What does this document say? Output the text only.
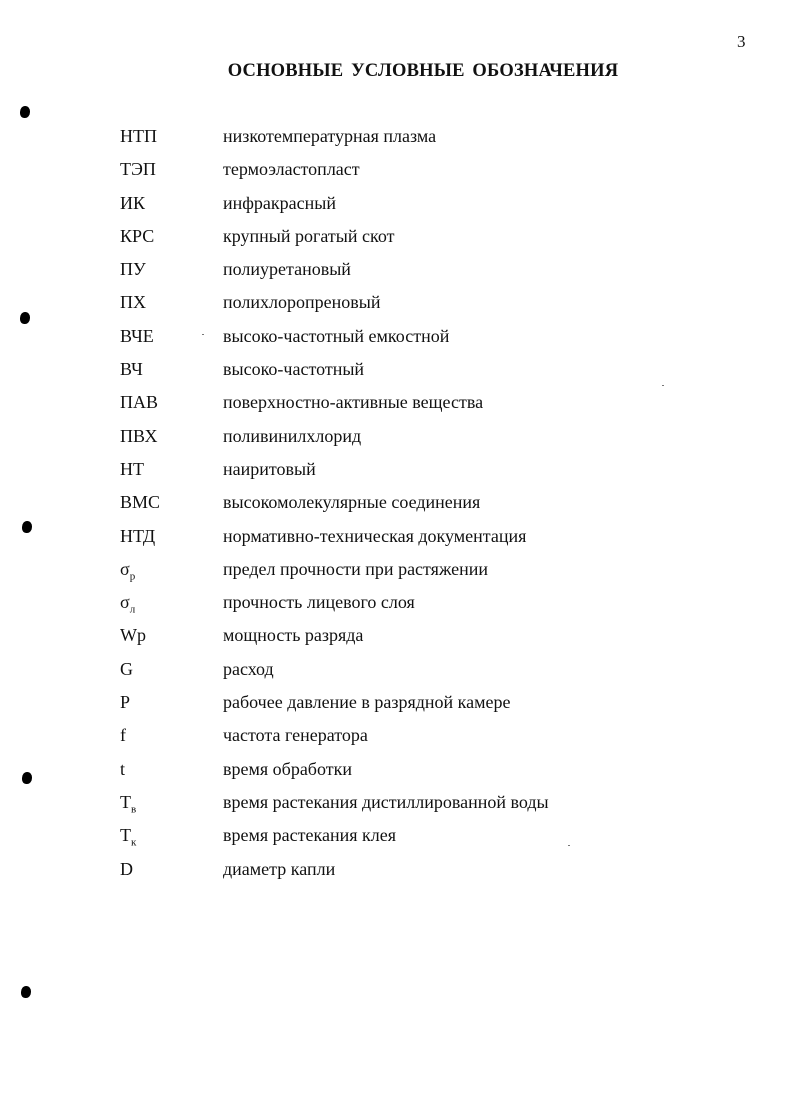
3
ОСНОВНЫЕ УСЛОВНЫЕ ОБОЗНАЧЕНИЯ
НТП	низкотемпературная плазма
ТЭП	термоэластопласт
ИК	инфракрасный
КРС	крупный рогатый скот
ПУ	полиуретановый
ПХ	полихлоропреновый
ВЧЕ	высоко-частотный емкостной
ВЧ	высоко-частотный
ПАВ	поверхностно-активные вещества
ПВХ	поливинилхлорид
НТ	наиритовый
ВМС	высокомолекулярные соединения
НТД	нормативно-техническая документация
$\sigma_р$	предел прочности при растяжении
$\sigma_л$	прочность лицевого слоя
Wp	мощность разряда
G	расход
P	рабочее давление в разрядной камере
f	частота генератора
t	время обработки
$T_в$	время растекания дистиллированной воды
$T_к$	время растекания клея
D	диаметр капли
